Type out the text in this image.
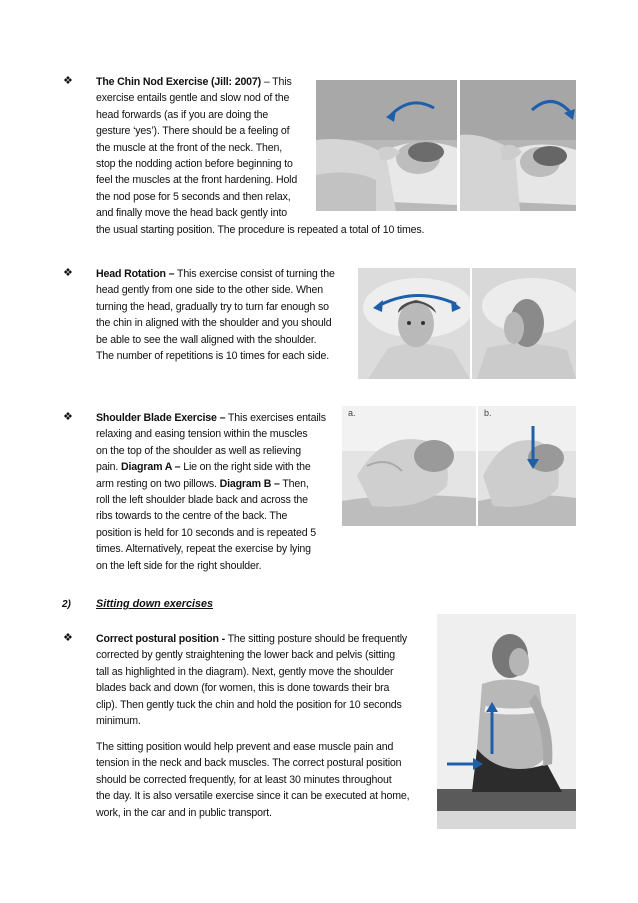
❖ The Chin Nod Exercise (Jill: 2007) – This
exercise entails gentle and slow nod of the
head forwards (as if you are doing the
gesture ‘yes’). There should be a feeling of
the muscle at the front of the neck. Then,
stop the nodding action before beginning to
feel the muscles at the front hardening. Hold
the nod pose for 5 seconds and then relax,
and finally move the head back gently into
the usual starting position. The procedure is repeated a total of 10 times.
❖ Head Rotation – This exercise consist of turning the
head gently from one side to the other side. When
turning the head, gradually try to turn far enough so
the chin in aligned with the shoulder and you should
be able to see the wall aligned with the shoulder.
The number of repetitions is 10 times for each side.
❖ Shoulder Blade Exercise – This exercises entails
relaxing and easing tension within the muscles
on the top of the shoulder as well as relieving
pain. Diagram A – Lie on the right side with the
arm resting on two pillows. Diagram B – Then,
roll the left shoulder blade back and across the
ribs towards to the centre of the back. The
position is held for 10 seconds and is repeated 5
times. Alternatively, repeat the exercise by lying
on the left side for the right shoulder.
a.	b.
2) Sitting down exercises
❖ Correct postural position - The sitting posture should be frequently
corrected by gently straightening the lower back and pelvis (sitting
tall as highlighted in the diagram). Next, gently move the shoulder
blades back and down (for women, this is done towards their bra
clip). Then gently tuck the chin and hold the position for 10 seconds
minimum.
The sitting position would help prevent and ease muscle pain and
tension in the neck and back muscles. The correct postural position
should be corrected frequently, for at least 30 minutes throughout
the day. It is also versatile exercise since it can be executed at home,
work, in the car and in public transport.
